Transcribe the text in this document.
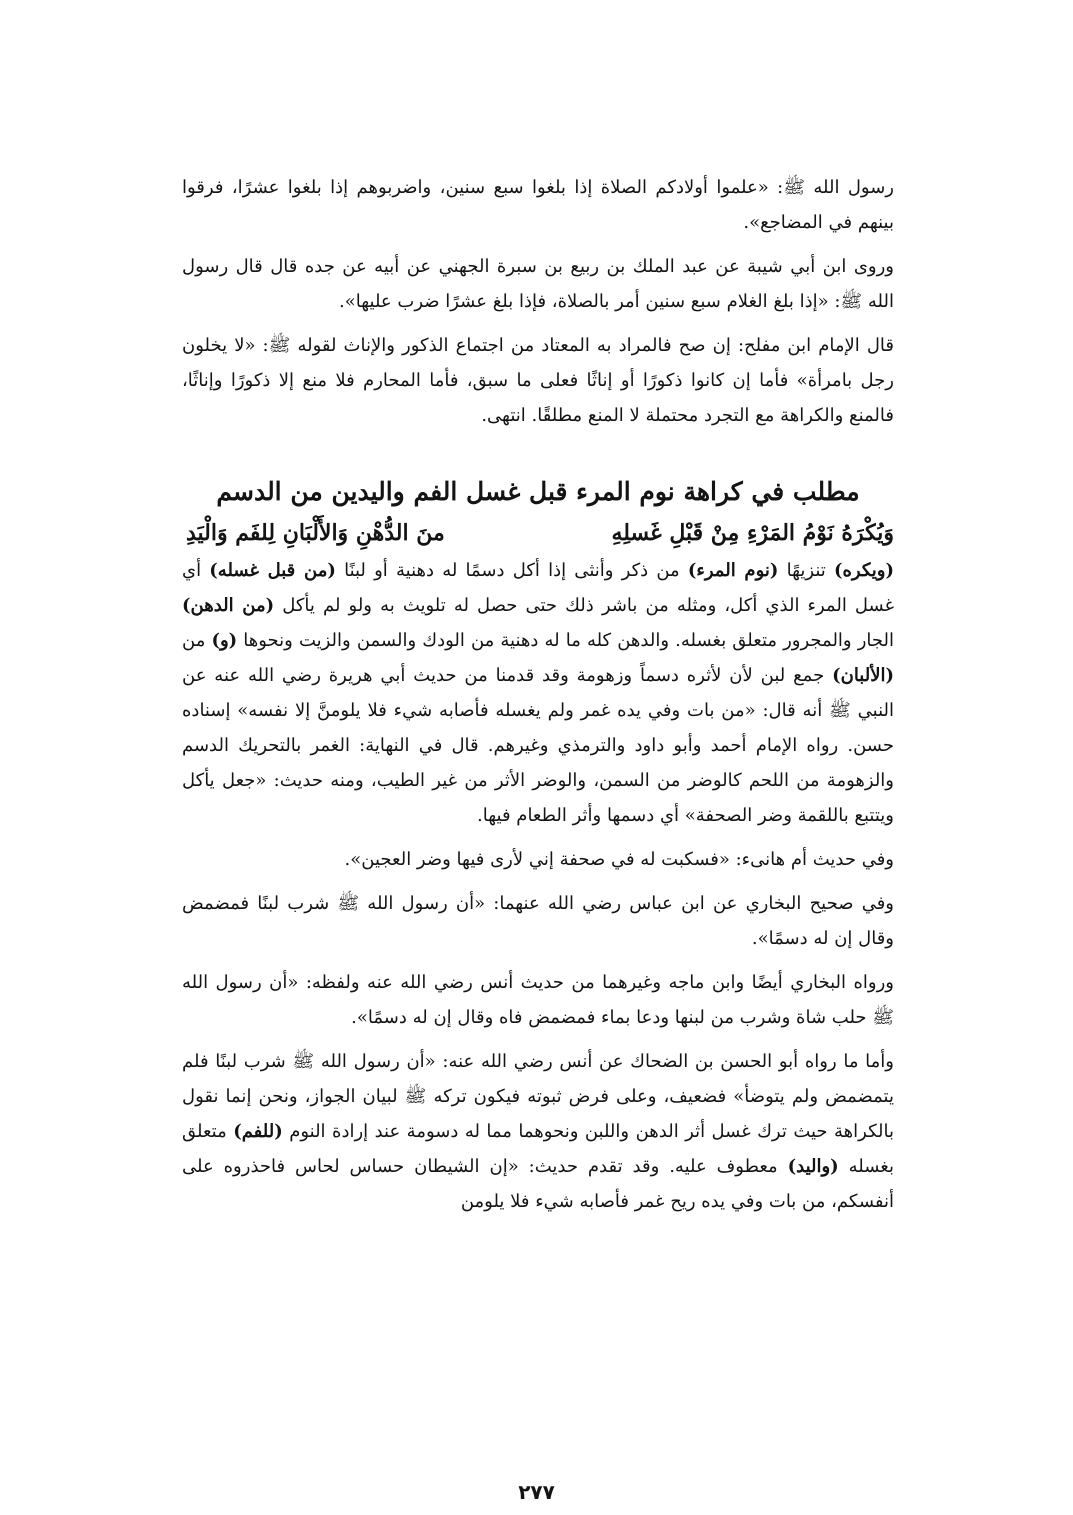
رسول الله ﷺ: «علموا أولادكم الصلاة إذا بلغوا سبع سنين، واضربوهم إذا بلغوا عشرًا، فرقوا بينهم في المضاجع».
وروى ابن أبي شيبة عن عبد الملك بن ربيع بن سبرة الجهني عن أبيه عن جده قال قال رسول الله ﷺ: «إذا بلغ الغلام سبع سنين أمر بالصلاة، فإذا بلغ عشرًا ضرب عليها».
قال الإمام ابن مفلح: إن صح فالمراد به المعتاد من اجتماع الذكور والإناث لقوله ﷺ: «لا يخلون رجل بامرأة» فأما إن كانوا ذكورًا أو إناثًا فعلى ما سبق، فأما المحارم فلا منع إلا ذكورًا وإناثًا، فالمنع والكراهة مع التجرد محتملة لا المنع مطلقًا. انتهى.
مطلب في كراهة نوم المرء قبل غسل الفم واليدين من الدسم
وَيُكْرَهُ نَوْمُ المَرْءِ مِنْ قَبْلِ غَسلِهِ
منَ الدُّهْنِ وَالأَلْبَانِ لِلفَم وَالْيَدِ
(ويكره) تنزيهًا (نوم المرء) من ذكر وأنثى إذا أكل دسمًا له دهنية أو لبنًا (من قبل غسله) أي غسل المرء الذي أكل، ومثله من باشر ذلك حتى حصل له تلويث به ولو لم يأكل (من الدهن) الجار والمجرور متعلق بغسله. والدهن كله ما له دهنية من الودك والسمن والزيت ونحوها (و) من (الألبان) جمع لبن لأن لأثره دسماً وزهومة وقد قدمنا من حديث أبي هريرة رضي الله عنه عن النبي ﷺ أنه قال: «من بات وفي يده غمر ولم يغسله فأصابه شيء فلا يلومنَّ إلا نفسه» إسناده حسن. رواه الإمام أحمد وأبو داود والترمذي وغيرهم. قال في النهاية: الغمر بالتحريك الدسم والزهومة من اللحم كالوضر من السمن، والوضر الأثر من غير الطيب، ومنه حديث: «جعل يأكل ويتتبع باللقمة وضر الصحفة» أي دسمها وأثر الطعام فيها.
وفي حديث أم هانىء: «فسكبت له في صحفة إني لأرى فيها وضر العجين».
وفي صحيح البخاري عن ابن عباس رضي الله عنهما: «أن رسول الله ﷺ شرب لبنًا فمضمض وقال إن له دسمًا».
ورواه البخاري أيضًا وابن ماجه وغيرهما من حديث أنس رضي الله عنه ولفظه: «أن رسول الله ﷺ حلب شاة وشرب من لبنها ودعا بماء فمضمض فاه وقال إن له دسمًا».
وأما ما رواه أبو الحسن بن الضحاك عن أنس رضي الله عنه: «أن رسول الله ﷺ شرب لبنًا فلم يتمضمض ولم يتوضأ» فضعيف، وعلى فرض ثبوته فيكون تركه ﷺ لبيان الجواز، ونحن إنما نقول بالكراهة حيث ترك غسل أثر الدهن واللبن ونحوهما مما له دسومة عند إرادة النوم (للفم) متعلق بغسله (واليد) معطوف عليه. وقد تقدم حديث: «إن الشيطان حساس لحاس فاحذروه على أنفسكم، من بات وفي يده ريح غمر فأصابه شيء فلا يلومن
٢٧٧
